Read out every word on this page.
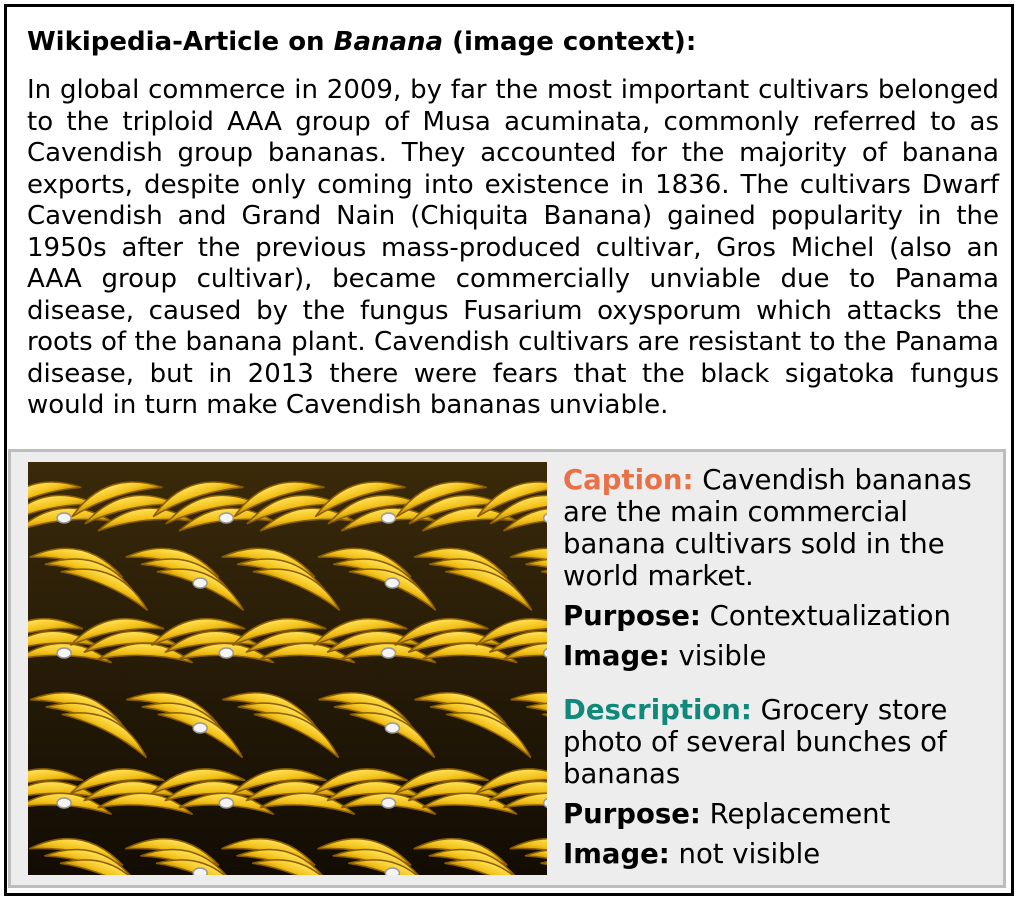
Wikipedia-Article on Banana (image context):

In global commerce in 2009, by far the most important cultivars belonged to the triploid AAA group of Musa acuminata, commonly referred to as Cavendish group bananas. They accounted for the majority of banana exports, despite only coming into existence in 1836. The cultivars Dwarf Cavendish and Grand Nain (Chiquita Banana) gained popularity in the 1950s after the previous mass-produced cultivar, Gros Michel (also an AAA group cultivar), became commercially unviable due to Panama disease, caused by the fungus Fusarium oxysporum which attacks the roots of the banana plant. Cavendish cultivars are resistant to the Panama disease, but in 2013 there were fears that the black sigatoka fungus would in turn make Cavendish bananas unviable.

Caption: Cavendish bananas are the main commercial banana cultivars sold in the world market.

Purpose: Contextualization

Image: visible

Description: Grocery store photo of several bunches of bananas

Purpose: Replacement

Image: not visible
